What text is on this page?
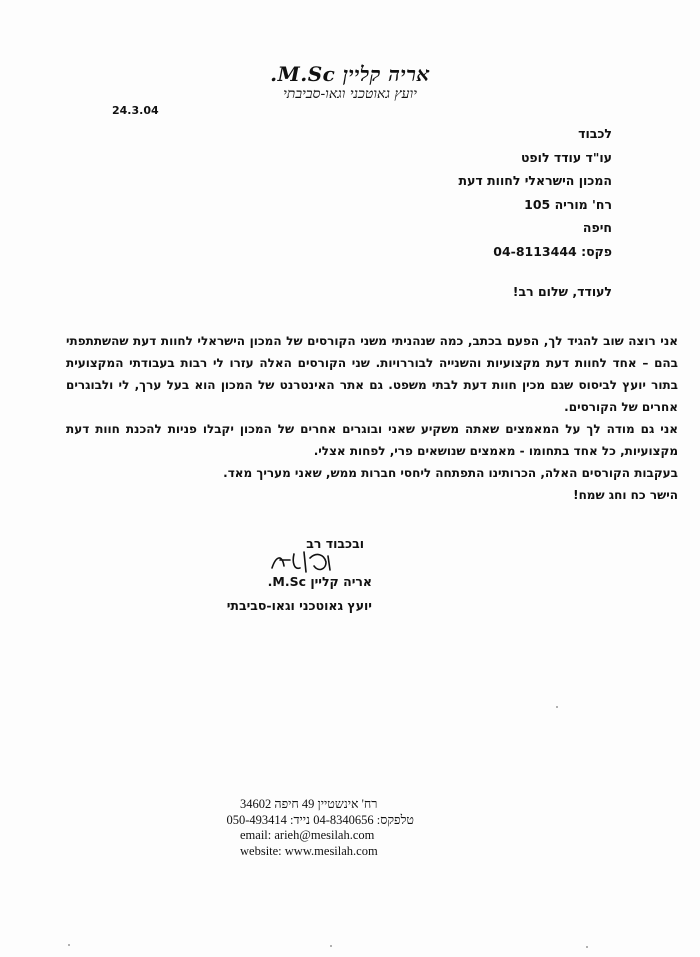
אריה קליין M.Sc.
יועץ גאוטכני וגאו-סביבתי
24.3.04
לכבוד
עו"ד עודד לופט
המכון הישראלי לחוות דעת
רח' מוריה 105
חיפה
פקס: 04-8113444
לעודד, שלום רב!

אני רוצה שוב להגיד לך, הפעם בכתב, כמה שנהניתי משני הקורסים של המכון הישראלי לחוות דעת שהשתתפתי בהם – אחד לחוות דעת מקצועיות והשנייה לבוררויות. שני הקורסים האלה עזרו לי רבות בעבודתי המקצועית בתור יועץ לביסוס שגם מכין חוות דעת לבתי משפט. גם אתר האינטרנט של המכון הוא בעל ערך, לי ולבוגרים אחרים של הקורסים.

אני גם מודה לך על המאמצים שאתה משקיע שאני ובוגרים אחרים של המכון יקבלו פניות להכנת חוות דעת מקצועיות, כל אחד בתחומו - מאמצים שנושאים פרי, לפחות אצלי.

בעקבות הקורסים האלה, הכרותינו התפתחה ליחסי חברות ממש, שאני מעריך מאד.

הישר כח וחג שמח!

ובכבוד רב
אריה קליין M.Sc.
יועץ גאוטכני וגאו-סביבתי
רח' אינשטיין 49 חיפה 34602
טלפקס: 04-8340656 נייד: 050-493414
email: arieh@mesilah.com
website: www.mesilah.com
